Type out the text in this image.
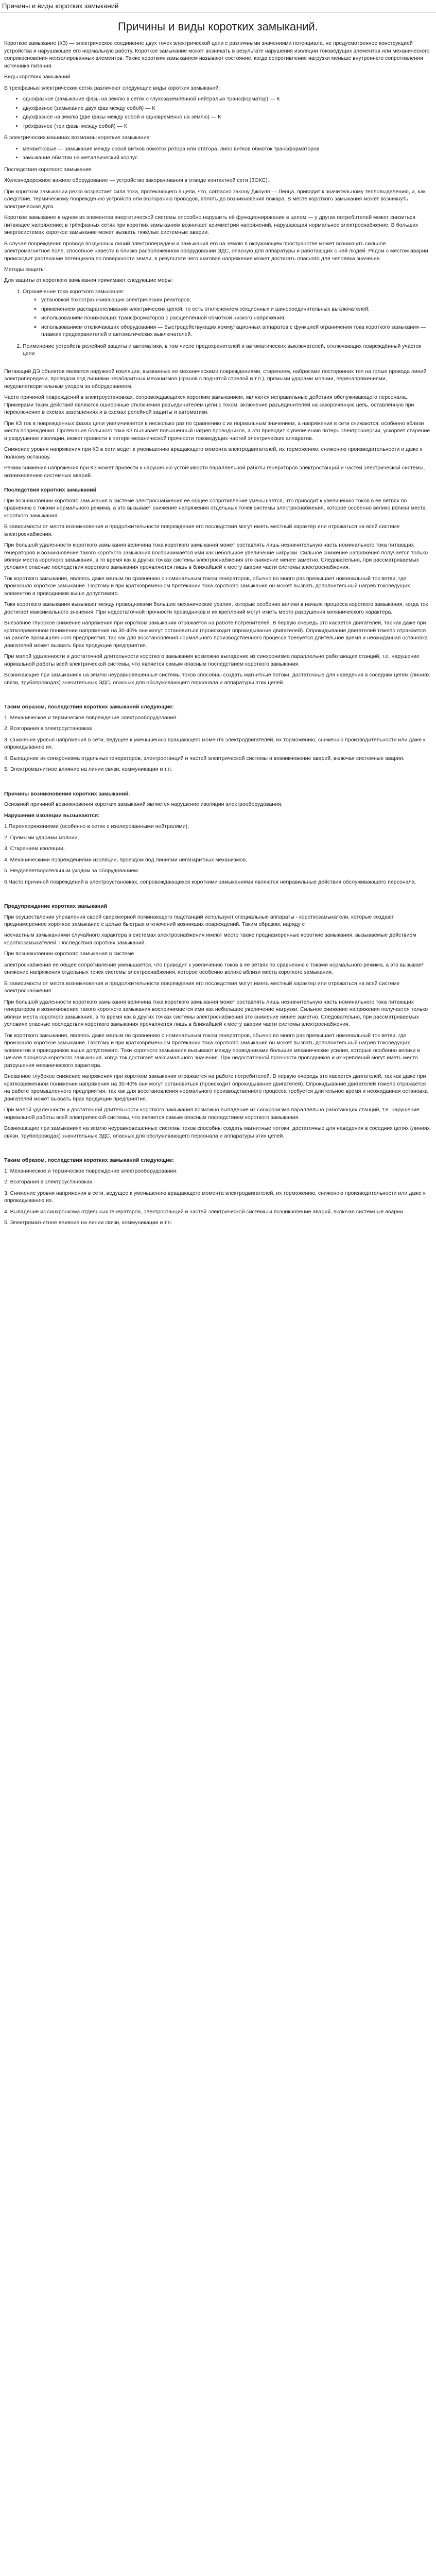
Причины и виды коротких замыканий
Причины и виды коротких замыканий.

Короткое замыкание (КЗ) — электрическое соединение двух точек электрической цепи с различными значениями потенциала, не предусмотренное конструкцией устройства и нарушающее его нормальную работу. Короткое замыкание может возникать в результате нарушения изоляции токоведущих элементов или механического соприкосновения неизолированных элементов. Также коротким замыканием называют состояние, когда сопротивление нагрузки меньше внутреннего сопротивления источника питания.

Виды коротких замыканий

В трехфазных электрических сетях различают следующие виды коротких замыканий:

• однофазное (замыкание фазы на землю в сетях с глухозаземлённой нейтралью трансформатор) — К
• двухфазное (замыкание двух фаз между собой) — К
• двухфазное на землю (две фазы между собой и одновременно на землю) — К
• трёхфазное (три фазы между собой) — К

В электрических машинах возможны короткие замыкания:

• межвитковые — замыкание между собой витков обмоток ротора или статора, либо витков обмоток трансформаторов
• замыкание обмотки на металлический корпус

Последствия короткого замыкания

Железнодорожное важное оборудование — устройство закорачивания в отводе контактной сети (ЗОКС).

При коротком замыкании резко возрастает сила тока, протекающего в цепи, что, согласно закону Джоуля — Ленца, приводит к значительному тепловыделению, и, как следствие, термическому повреждению устройств или возгоранию проводов, вплоть до возникновения пожара. В месте короткого замыкания может возникнуть электрическая дуга.

Короткое замыкание в одном из элементов энергетической системы способно нарушить её функционирование в целом — у других потребителей может снизиться питающее напряжение; в трёхфазных сетях при коротких замыканиях возникает асимметрия напряжений, нарушающая нормальное электроснабжение. В больших энергосистемах короткое замыкание может вызвать тяжёлые системные аварии.

В случае повреждения провода воздушных линий электропередачи и замыкания его на землю в окружающем пространстве может возникнуть сильное электромагнитное поле, способное навести в близко расположенном оборудовании ЭДС, опасную для аппаратуры и работающих с ней людей. Рядом с местом аварии происходит растекание потенциала по поверхности земли, в результате чего шаговое напряжение может достигать опасного для человека значения.

Методы защиты

Для защиты от короткого замыкания принимают следующие меры:

1. Ограничение тока короткого замыкания:
◦ установкой токоограничивающих электрических реакторов;
◦ применением распараллеливания электрических цепей, то есть отключением секционных и шиносоединительных выключателей;
◦ использованием понижающих трансформаторов с расщеплённой обмоткой низкого напряжения;
◦ использованием отключающих оборудования — быстродействующих коммутационных аппаратов с функцией ограничения тока короткого замыкания — плавких предохранителей и автоматических выключателей.
2. Применение устройств релейной защиты и автоматики, в том числе предохранителей и автоматических выключателей, отключающих повреждённый участок цепи

Питающий ДЭ объектов является наружной изоляции, вызванные ее механическими повреждениями, старением, набросами посторонних тел на голые провода линий электропередачи, проводом под линиями негабаритных механизмов (кранов с поднятой стрелой и т.п.), прямыми ударами молнии, перенапряжениями, неудовлетворительным уходом за оборудованием.

Часто причиной повреждений в электроустановках, сопровождающихся коротким замыканием, являются неправильные действия обслуживающего персонала. Примерами таких действий являются ошибочные отключения разъединителем цепи с током, включение разъединителей на закороченную цепь, оставленную при переключении в схемах заземлениях и в схемах релейной защиты и автоматики.

При КЗ ток в поврежденных фазах цепи увеличивается в несколько раз по сравнению с их нормальным значением, а напряжения в сети снижаются, особенно вблизи места повреждения. Протекание большого тока КЗ вызывает повышенный нагрев проводников, а это приводит к увеличению потерь электроэнергии, ускоряет старение и разрушение изоляции, может привести к потере механической прочности токоведущих частей электрических аппаратов.

Снижение уровня напряжения при КЗ в сети ведет к уменьшению вращающего момента электродвигателей, их торможению, снижению производительности и даже к полному останову.

Режим снижения напряжения при КЗ может привести к нарушению устойчивости параллельной работы генераторов электростанций и частей электрической системы, возникновению системных аварий.

Последствия коротких замыканий

При возникновении короткого замыкания в системе электроснабжения ее общее сопротивление уменьшается, что приводит к увеличению токов в ее ветвях по сравнению с токами нормального режима, а это вызывает снижение напряжения отдельных точек системы электроснабжения, которое особенно велико вблизи места короткого замыкания.

В зависимости от места возникновения и продолжительности повреждения его последствия могут иметь местный характер или отражаться на всей системе электроснабжения.

При большой удаленности короткого замыкания величина тока короткого замыкания может составлять лишь незначительную часть номинального тока питающих генераторов и возникновение такого короткого замыкания воспринимается ими как небольшое увеличение нагрузки. Сильное снижение напряжения получается только вблизи места короткого замыкания, в то время как в других точках системы электроснабжения это снижение менее заметно. Следовательно, при рассматриваемых условиях опасные последствия короткого замыкания проявляются лишь в ближайшей к месту аварии части системы электроснабжения.

Ток короткого замыкания, являясь даже малым по сравнению с номинальным током генераторов, обычно во много раз превышает номинальный ток ветви, где произошло короткое замыкание. Поэтому и при кратковременном протекании тока короткого замыкания он может вызвать дополнительный нагрев токоведущих элементов и проводников выше допустимого.

Токи короткого замыкания вызывают между проводниками большие механические усилия, которые особенно велики в начале процесса короткого замыкания, когда ток достигает максимального значения. При недостаточной прочности проводников и их креплений могут иметь место разрушения механического характера.

Внезапное глубокое снижение напряжения при коротком замыкании отражается на работе потребителей. В первую очередь это касается двигателей, так как даже при кратковременном понижении напряжения на 30-40% они могут остановиться (происходит опрокидывание двигателей). Опрокидывание двигателей тяжело отражается на работе промышленного предприятия, так как для восстановления нормального производственного процесса требуется длительное время и неожиданная остановка двигателей может вызвать брак продукции предприятия.

При малой удаленности и достаточной длительности короткого замыкания возможно выпадение из синхронизма параллельно работающих станций, т.е. нарушение нормальной работы всей электрической системы, что является самым опасным последствием короткого замыкания.

Возникающие при замыканиях на землю неуравновешенные системы токов способны создать магнитные потоки, достаточные для наведения в соседних цепях (линиях связи, трубопроводах) значительных ЭДС, опасных для обслуживающего персонала и аппаратуры этих цепей.

Таким образом, последствия коротких замыканий следующие:

1. Механическое и термическое повреждение электрооборудования.

2. Возгорания в электроустановках.

3. Снижение уровня напряжения в сети, ведущее к уменьшению вращающего момента электродвигателей, их торможению, снижению производительности или даже к опрокидыванию их.

4. Выпадение из синхронизма отдельных генераторов, электростанций и частей электрической системы и возникновение аварий, включая системные аварии.

5. Электромагнитное влияние на линии связи, коммуникации и т.п.

Причины возникновения коротких замыканий.

Основной причиной возникновения коротких замыканий является нарушение изоляции электрооборудования.

Нарушения изоляции вызываются:

1.Перенапряжениями (особенно в сетях с изолированными нейтралями),

2. Прямыми ударами молнии,

3. Старением изоляции,

4. Механическими повреждениями изоляции, проездом под линиями негабаритных механизмов,

5. Неудовлетворительным уходом за оборудованием.

6.Часто причиной повреждений в электроустановках, сопровождающихся короткими замыканиями являются неправильные действия обслуживающего персонала.

Предупреждение коротких замыканий

При осуществлении управления своей сверхмерной поминающего подстанций используют специальные аппараты - короткозамыкатели, которые создают преднамеренное короткое замыкание с целью быстрых отключений возникших повреждений. Таким образом, наряду с

несчастным замыканиями случайного характера в системах электроснабжения имеют место также преднамеренные короткие замыкания, вызываемые действием короткозамыкателей. Последствия коротких замыканий.

При возникновении короткого замыкания в системе

электроснабжения ее общее сопротивление уменьшается, что приводит к увеличению токов в ее ветвях по сравнению с токами нормального режима, а это вызывает снижение напряжения отдельных точек системы электроснабжения, которое особенно велико вблизи места короткого замыкания.

В зависимости от места возникновения и продолжительности повреждения его последствия могут иметь местный характер или отражаться на всей системе электроснабжения.

При большой удаленности короткого замыкания величина тока короткого замыкания может составлять лишь незначительную часть номинального тока питающих генераторов и возникновение такого короткого замыкания воспринимается ими как небольшое увеличение нагрузки. Сильное снижение напряжения получается только вблизи места короткого замыкания, в то время как в других точках системы электроснабжения это снижение менее заметно. Следовательно, при рассматриваемых условиях опасные последствия короткого замыкания проявляются лишь в ближайшей к месту аварии части системы электроснабжения.

Ток короткого замыкания, являясь даже малым по сравнению с номинальным током генераторов, обычно во много раз превышает номинальный ток ветви, где произошло короткое замыкание. Поэтому и при кратковременном протекании тока короткого замыкания он может вызвать дополнительный нагрев токоведущих элементов и проводников выше допустимого. Токи короткого замыкания вызывают между проводниками большие механические усилия, которые особенно велики в начале процесса короткого замыкания, когда ток достигает максимального значения. При недостаточной прочности проводников и их креплений могут иметь место разрушения механического характера.

Внезапное глубокое снижение напряжения при коротком замыкании отражается на работе потребителей. В первую очередь это касается двигателей, так как даже при кратковременном понижении напряжения на 30-40% они могут остановиться (происходит опрокидывание двигателей). Опрокидывание двигателей тяжело отражается на работе промышленного предприятия, так как для восстановления нормального производственного процесса требуется длительное время и неожиданная остановка двигателей может вызвать брак продукции предприятия.

При малой удаленности и достаточной длительности короткого замыкания возможно выпадение из синхронизма параллельно работающих станций, т.е. нарушение нормальной работы всей электрической системы, что является самым опасным последствием короткого замыкания.

Возникающие при замыканиях на землю неуравновешенные системы токов способны создать магнитные потоки, достаточные для наведения в соседних цепях (линиях связи, трубопроводах) значительных ЭДС, опасных для обслуживающего персонала и аппаратуры этих цепей.

Таким образом, последствия коротких замыканий следующие:

1. Механическое и термическое повреждение электрооборудования.

2. Возгорания в электроустановках.

3. Снижение уровня напряжения в сети, ведущее к уменьшению вращающего момента электродвигателей, их торможению, снижению производительности или даже к опрокидыванию их.

4. Выпадение из синхронизма отдельных генераторов, электростанций и частей электрической системы и возникновение аварий, включая системные аварии.

5. Электромагнитное влияние на линии связи, коммуникации и т.п.
